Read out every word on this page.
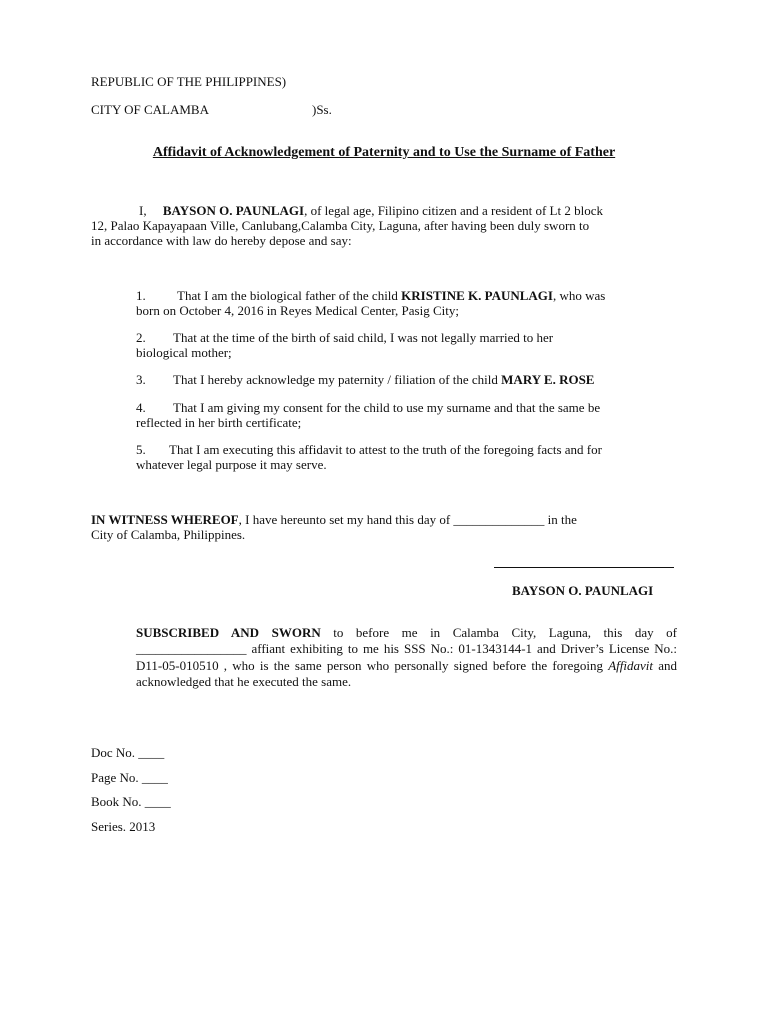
REPUBLIC OF THE PHILIPPINES)
CITY OF CALAMBA	)Ss.
Affidavit of Acknowledgement of Paternity and to Use the Surname of Father
I,     BAYSON O. PAUNLAGI, of legal age, Filipino citizen and a resident of Lt 2 block
12, Palao Kapayapaan Ville, Canlubang,Calamba City, Laguna, after having been duly sworn to
in accordance with law do hereby depose and say:
1. That I am the biological father of the child KRISTINE K. PAUNLAGI, who was
born on October 4, 2016 in Reyes Medical Center, Pasig City;
2. That at the time of the birth of said child, I was not legally married to her
biological mother;
3. That I hereby acknowledge my paternity / filiation of the child MARY E. ROSE
4. That I am giving my consent for the child to use my surname and that the same be
reflected in her birth certificate;
5. That I am executing this affidavit to attest to the truth of the foregoing facts and for
whatever legal purpose it may serve.
IN WITNESS WHEREOF, I have hereunto set my hand this day of ______________ in the
City of Calamba, Philippines.
BAYSON O. PAUNLAGI
SUBSCRIBED AND SWORN to before me in Calamba City, Laguna, this day of _________________ affiant exhibiting to me his SSS No.: 01-1343144-1 and Driver’s License No.: D11-05-010510 , who is the same person who personally signed before the foregoing Affidavit and acknowledged that he executed the same.
Doc No. ____
Page No. ____
Book No. ____
Series. 2013
